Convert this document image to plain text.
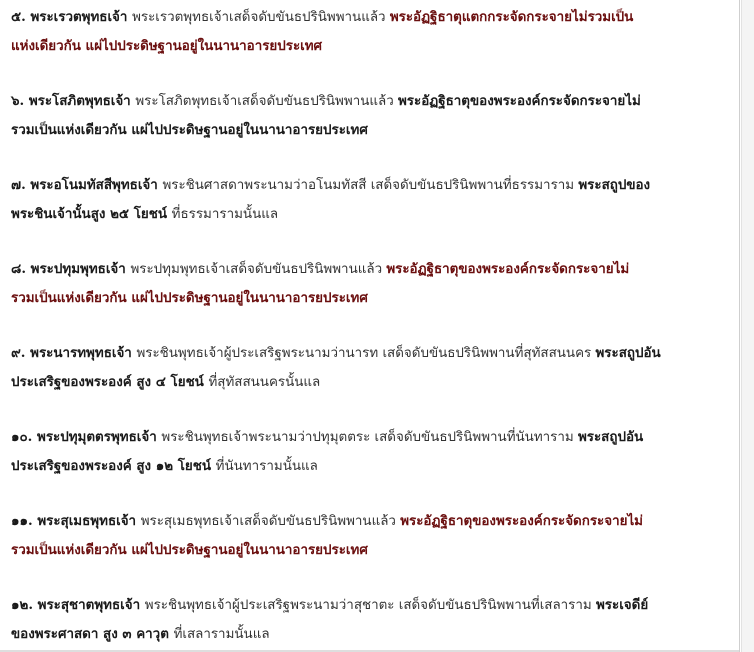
๕. พระเรวตพุทธเจ้า พระเรวตพุทธเจ้าเสด็จดับขันธปรินิพพานแล้ว พระอัฏฐิธาตุแตกกระจัดกระจายไม่รวมเป็น
แห่งเดียวกัน แผ่ไปประดิษฐานอยู่ในนานาอารยประเทศ
๖. พระโสภิตพุทธเจ้า พระโสภิตพุทธเจ้าเสด็จดับขันธปรินิพพานแล้ว พระอัฏฐิธาตุของพระองค์กระจัดกระจายไม่
รวมเป็นแห่งเดียวกัน แผ่ไปประดิษฐานอยู่ในนานาอารยประเทศ
๗. พระอโนมทัสสีพุทธเจ้า พระชินศาสดาพระนามว่าอโนมทัสสี เสด็จดับขันธปรินิพพานที่ธรรมาราม พระสถูปของ
พระชินเจ้านั้นสูง ๒๕ โยชน์ ที่ธรรมารามนั้นแล
๘. พระปทุมพุทธเจ้า พระปทุมพุทธเจ้าเสด็จดับขันธปรินิพพานแล้ว พระอัฏฐิธาตุของพระองค์กระจัดกระจายไม่
รวมเป็นแห่งเดียวกัน แผ่ไปประดิษฐานอยู่ในนานาอารยประเทศ
๙. พระนารทพุทธเจ้า พระชินพุทธเจ้าผู้ประเสริฐพระนามว่านารท เสด็จดับขันธปรินิพพานที่สุทัสสนนคร พระสถูปอัน
ประเสริฐของพระองค์ สูง ๔ โยชน์ ที่สุทัสสนนครนั้นแล
๑๐. พระปทุมุตตรพุทธเจ้า พระชินพุทธเจ้าพระนามว่าปทุมุตตระ เสด็จดับขันธปรินิพพานที่นันทาราม พระสถูปอัน
ประเสริฐของพระองค์ สูง ๑๒ โยชน์ ที่นันทารามนั้นแล
๑๑. พระสุเมธพุทธเจ้า พระสุเมธพุทธเจ้าเสด็จดับขันธปรินิพพานแล้ว พระอัฏฐิธาตุของพระองค์กระจัดกระจายไม่
รวมเป็นแห่งเดียวกัน แผ่ไปประดิษฐานอยู่ในนานาอารยประเทศ
๑๒. พระสุชาตพุทธเจ้า พระชินพุทธเจ้าผู้ประเสริฐพระนามว่าสุชาตะ เสด็จดับขันธปรินิพพานที่เสลาราม พระเจดีย์
ของพระศาสดา สูง ๓ คาวุต ที่เสลารามนั้นแล
